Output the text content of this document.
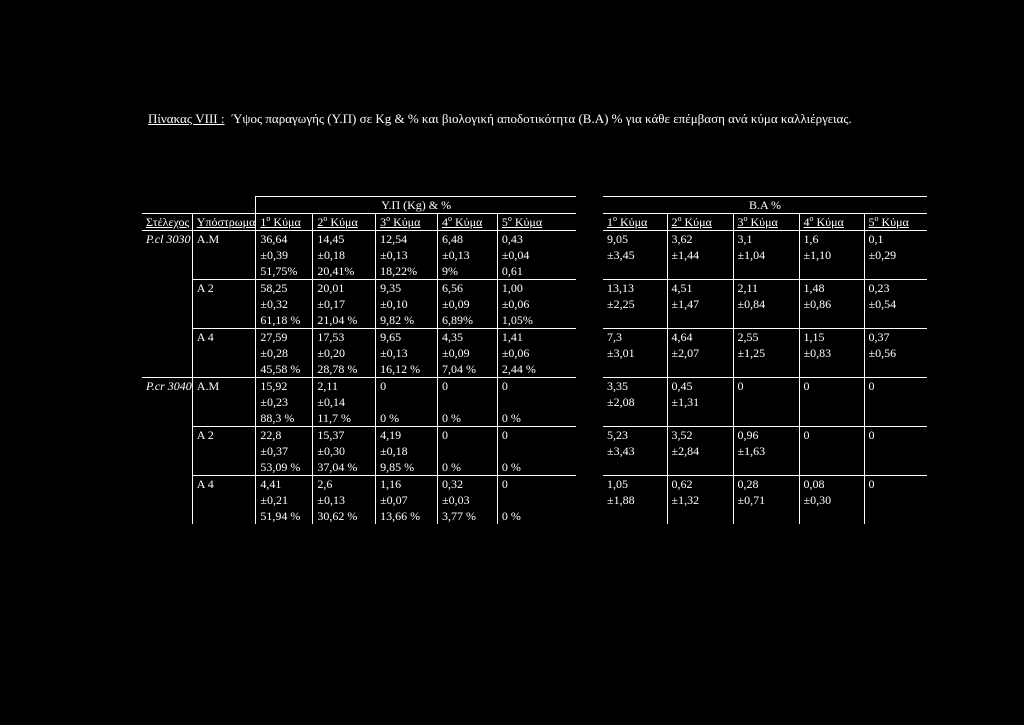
Πίνακας VIII : Ύψος παραγωγής (Υ.Π) σε Kg & % και βιολογική αποδοτικότητα (Β.Α) % για κάθε επέμβαση ανά κύμα καλλιέργειας.
		Υ.Π (Kg) & %				
Στέλεχος	Υπόστρωμα	$1^o$ Κύμα	$2^o$ Κύμα	$3^o$ Κύμα	$4^o$ Κύμα	$5^o$ Κύμα
P.cl 3030	A.M	36,64	14,45	12,54	6,48	0,43
		±0,39	±0,18	±0,13	±0,13	±0,04
		51,75%	20,41%	18,22%	9%	0,61
	A 2	58,25	20,01	9,35	6,56	1,00
		±0,32	±0,17	±0,10	±0,09	±0,06
		61,18 %	21,04 %	9,82 %	6,89%	1,05%
	A 4	27,59	17,53	9,65	4,35	1,41
		±0,28	±0,20	±0,13	±0,09	±0,06
		45,58 %	28,78 %	16,12 %	7,04 %	2,44 %
P.cr 3040	A.M	15,92	2,11	0	0	0
		±0,23	±0,14			
		88,3 %	11,7 %	0 %	0 %	0 %
	A 2	22,8	15,37	4,19	0	0
		±0,37	±0,30	±0,18		
		53,09 %	37,04 %	9,85 %	0 %	0 %
	A 4	4,41	2,6	1,16	0,32	0
		±0,21	±0,13	±0,07	±0,03	
		51,94 %	30,62 %	13,66 %	3,77 %	0 %
Β.Α %				
$1^o$ Κύμα	$2^o$ Κύμα	$3^o$ Κύμα	$4^o$ Κύμα	$5^o$ Κύμα
9,05	3,62	3,1	1,6	0,1
±3,45	±1,44	±1,04	±1,10	±0,29

13,13	4,51	2,11	1,48	0,23
±2,25	±1,47	±0,84	±0,86	±0,54

7,3	4,64	2,55	1,15	0,37
±3,01	±2,07	±1,25	±0,83	±0,56

3,35	0,45	0	0	0
±2,08	±1,31			

5,23	3,52	0,96	0	0
±3,43	±2,84	±1,63		

1,05	0,62	0,28	0,08	0
±1,88	±1,32	±0,71	±0,30	
